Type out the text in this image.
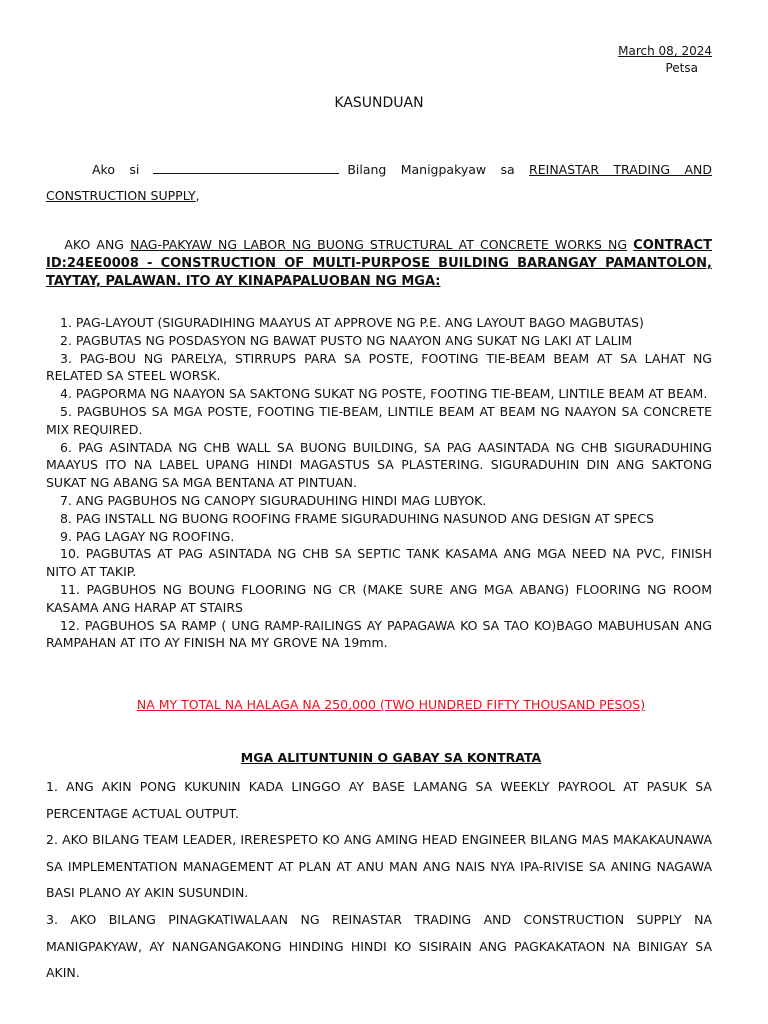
March 08, 2024
Petsa
KASUNDUAN
Ako si	Bilang Manigpakyaw sa REINASTAR TRADING AND CONSTRUCTION SUPPLY,
AKO ANG NAG-PAKYAW NG LABOR NG BUONG STRUCTURAL AT CONCRETE WORKS NG CONTRACT ID:24EE0008 - CONSTRUCTION OF MULTI-PURPOSE BUILDING BARANGAY PAMANTOLON, TAYTAY, PALAWAN. ITO AY KINAPAPALUOBAN NG MGA:

1. PAG-LAYOUT (SIGURADIHING MAAYUS AT APPROVE NG P.E. ANG LAYOUT BAGO MAGBUTAS)

2. PAGBUTAS NG POSDASYON NG BAWAT PUSTO NG NAAYON ANG SUKAT NG LAKI AT LALIM

3. PAG-BOU NG PARELYA, STIRRUPS PARA SA POSTE, FOOTING TIE-BEAM BEAM AT SA LAHAT NG RELATED SA STEEL WORSK.

4. PAGPORMA NG NAAYON SA SAKTONG SUKAT NG POSTE, FOOTING TIE-BEAM, LINTILE BEAM AT BEAM.

5. PAGBUHOS SA MGA POSTE, FOOTING TIE-BEAM, LINTILE BEAM AT BEAM NG NAAYON SA CONCRETE MIX REQUIRED.

6. PAG ASINTADA NG CHB WALL SA BUONG BUILDING, SA PAG AASINTADA NG CHB SIGURADUHING MAAYUS ITO NA LABEL UPANG HINDI MAGASTUS SA PLASTERING. SIGURADUHIN DIN ANG SAKTONG SUKAT NG ABANG SA MGA BENTANA AT PINTUAN.

7. ANG PAGBUHOS NG CANOPY SIGURADUHING HINDI MAG LUBYOK.

8. PAG INSTALL NG BUONG ROOFING FRAME SIGURADUHING NASUNOD ANG DESIGN AT SPECS

9. PAG LAGAY NG ROOFING.

10. PAGBUTAS AT PAG ASINTADA NG CHB SA SEPTIC TANK KASAMA ANG MGA NEED NA PVC, FINISH NITO AT TAKIP.

11. PAGBUHOS NG BOUNG FLOORING NG CR (MAKE SURE ANG MGA ABANG) FLOORING NG ROOM KASAMA ANG HARAP AT STAIRS

12. PAGBUHOS SA RAMP ( UNG RAMP-RAILINGS AY PAPAGAWA KO SA TAO KO)BAGO MABUHUSAN ANG RAMPAHAN AT ITO AY FINISH NA MY GROVE NA 19mm.

NA MY TOTAL NA HALAGA NA 250,000 (TWO HUNDRED FIFTY THOUSAND PESOS)
MGA ALITUNTUNIN O GABAY SA KONTRATA

1. ANG AKIN PONG KUKUNIN KADA LINGGO AY BASE LAMANG SA WEEKLY PAYROOL AT PASUK SA PERCENTAGE ACTUAL OUTPUT.

2. AKO BILANG TEAM LEADER, IRERESPETO KO ANG AMING HEAD ENGINEER BILANG MAS MAKAKAUNAWA SA IMPLEMENTATION MANAGEMENT AT PLAN AT ANU MAN ANG NAIS NYA IPA-RIVISE SA ANING NAGAWA BASI PLANO AY AKIN SUSUNDIN.

3. AKO BILANG PINAGKATIWALAAN NG REINASTAR TRADING AND CONSTRUCTION SUPPLY NA MANIGPAKYAW, AY NANGANGAKONG HINDING HINDI KO SISIRAIN ANG PAGKAKATAON NA BINIGAY SA AKIN.
